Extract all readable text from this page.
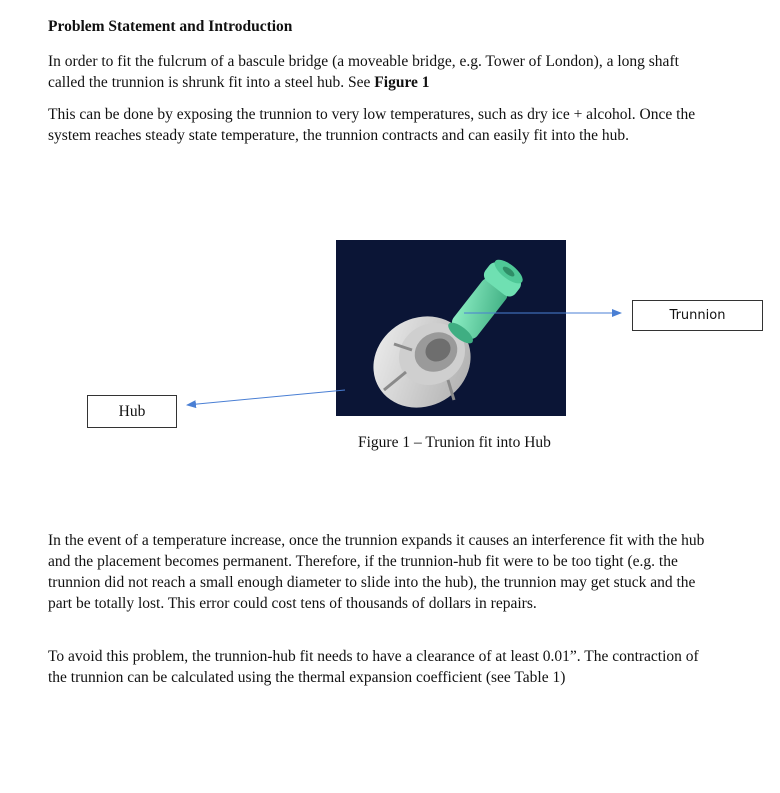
Problem Statement and Introduction

In order to fit the fulcrum of a bascule bridge (a moveable bridge, e.g. Tower of London), a long shaft called the trunnion is shrunk fit into a steel hub. See Figure 1

This can be done by exposing the trunnion to very low temperatures, such as dry ice + alcohol. Once the system reaches steady state temperature, the trunnion contracts and can easily fit into the hub.

Trunnion
Hub

Figure 1 – Trunion fit into Hub

In the event of a temperature increase, once the trunnion expands it causes an interference fit with the hub and the placement becomes permanent. Therefore, if the trunnion-hub fit were to be too tight (e.g. the trunnion did not reach a small enough diameter to slide into the hub), the trunnion may get stuck and the part be totally lost. This error could cost tens of thousands of dollars in repairs.

To avoid this problem, the trunnion-hub fit needs to have a clearance of at least 0.01”. The contraction of the trunnion can be calculated using the thermal expansion coefficient (see Table 1)
